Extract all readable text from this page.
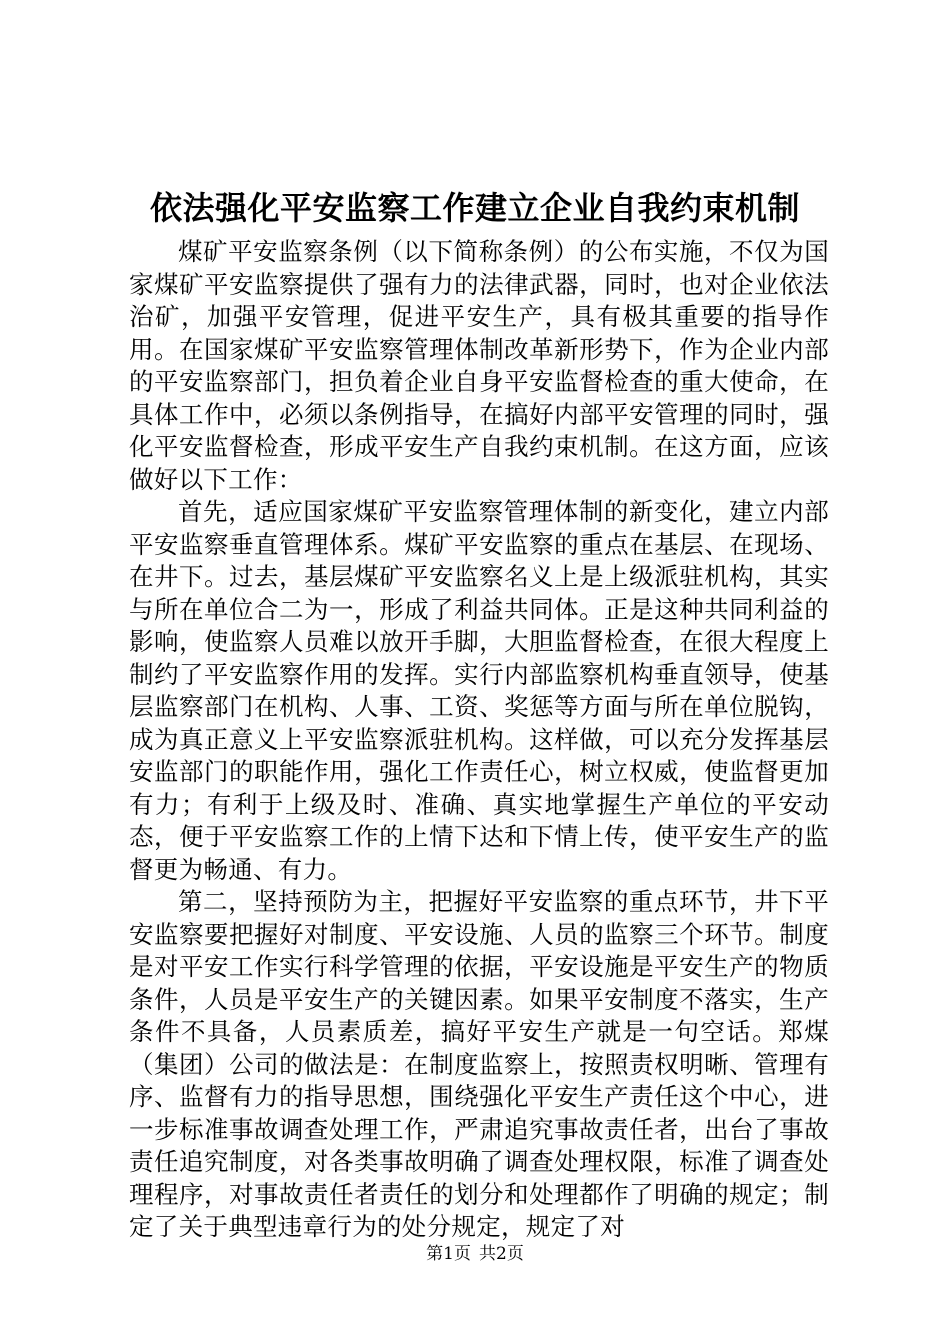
依法强化平安监察工作建立企业自我约束机制

煤矿平安监察条例（以下简称条例）的公布实施，不仅为国家煤矿平安监察提供了强有力的法律武器，同时，也对企业依法治矿，加强平安管理，促进平安生产，具有极其重要的指导作用。在国家煤矿平安监察管理体制改革新形势下，作为企业内部的平安监察部门，担负着企业自身平安监督检查的重大使命，在具体工作中，必须以条例指导，在搞好内部平安管理的同时，强化平安监督检查，形成平安生产自我约束机制。在这方面，应该做好以下工作：

首先，适应国家煤矿平安监察管理体制的新变化，建立内部平安监察垂直管理体系。煤矿平安监察的重点在基层、在现场、在井下。过去，基层煤矿平安监察名义上是上级派驻机构，其实与所在单位合二为一，形成了利益共同体。正是这种共同利益的影响，使监察人员难以放开手脚，大胆监督检查，在很大程度上制约了平安监察作用的发挥。实行内部监察机构垂直领导，使基层监察部门在机构、人事、工资、奖惩等方面与所在单位脱钩，成为真正意义上平安监察派驻机构。这样做，可以充分发挥基层安监部门的职能作用，强化工作责任心，树立权威，使监督更加有力；有利于上级及时、准确、真实地掌握生产单位的平安动态，便于平安监察工作的上情下达和下情上传，使平安生产的监督更为畅通、有力。

第二，坚持预防为主，把握好平安监察的重点环节，井下平安监察要把握好对制度、平安设施、人员的监察三个环节。制度是对平安工作实行科学管理的依据，平安设施是平安生产的物质条件，人员是平安生产的关键因素。如果平安制度不落实，生产条件不具备，人员素质差，搞好平安生产就是一句空话。郑煤（集团）公司的做法是：在制度监察上，按照责权明晰、管理有序、监督有力的指导思想，围绕强化平安生产责任这个中心，进一步标准事故调查处理工作，严肃追究事故责任者，出台了事故责任追究制度，对各类事故明确了调查处理权限，标准了调查处理程序，对事故责任者责任的划分和处理都作了明确的规定；制定了关于典型违章行为的处分规定，规定了对

第1页 共2页
